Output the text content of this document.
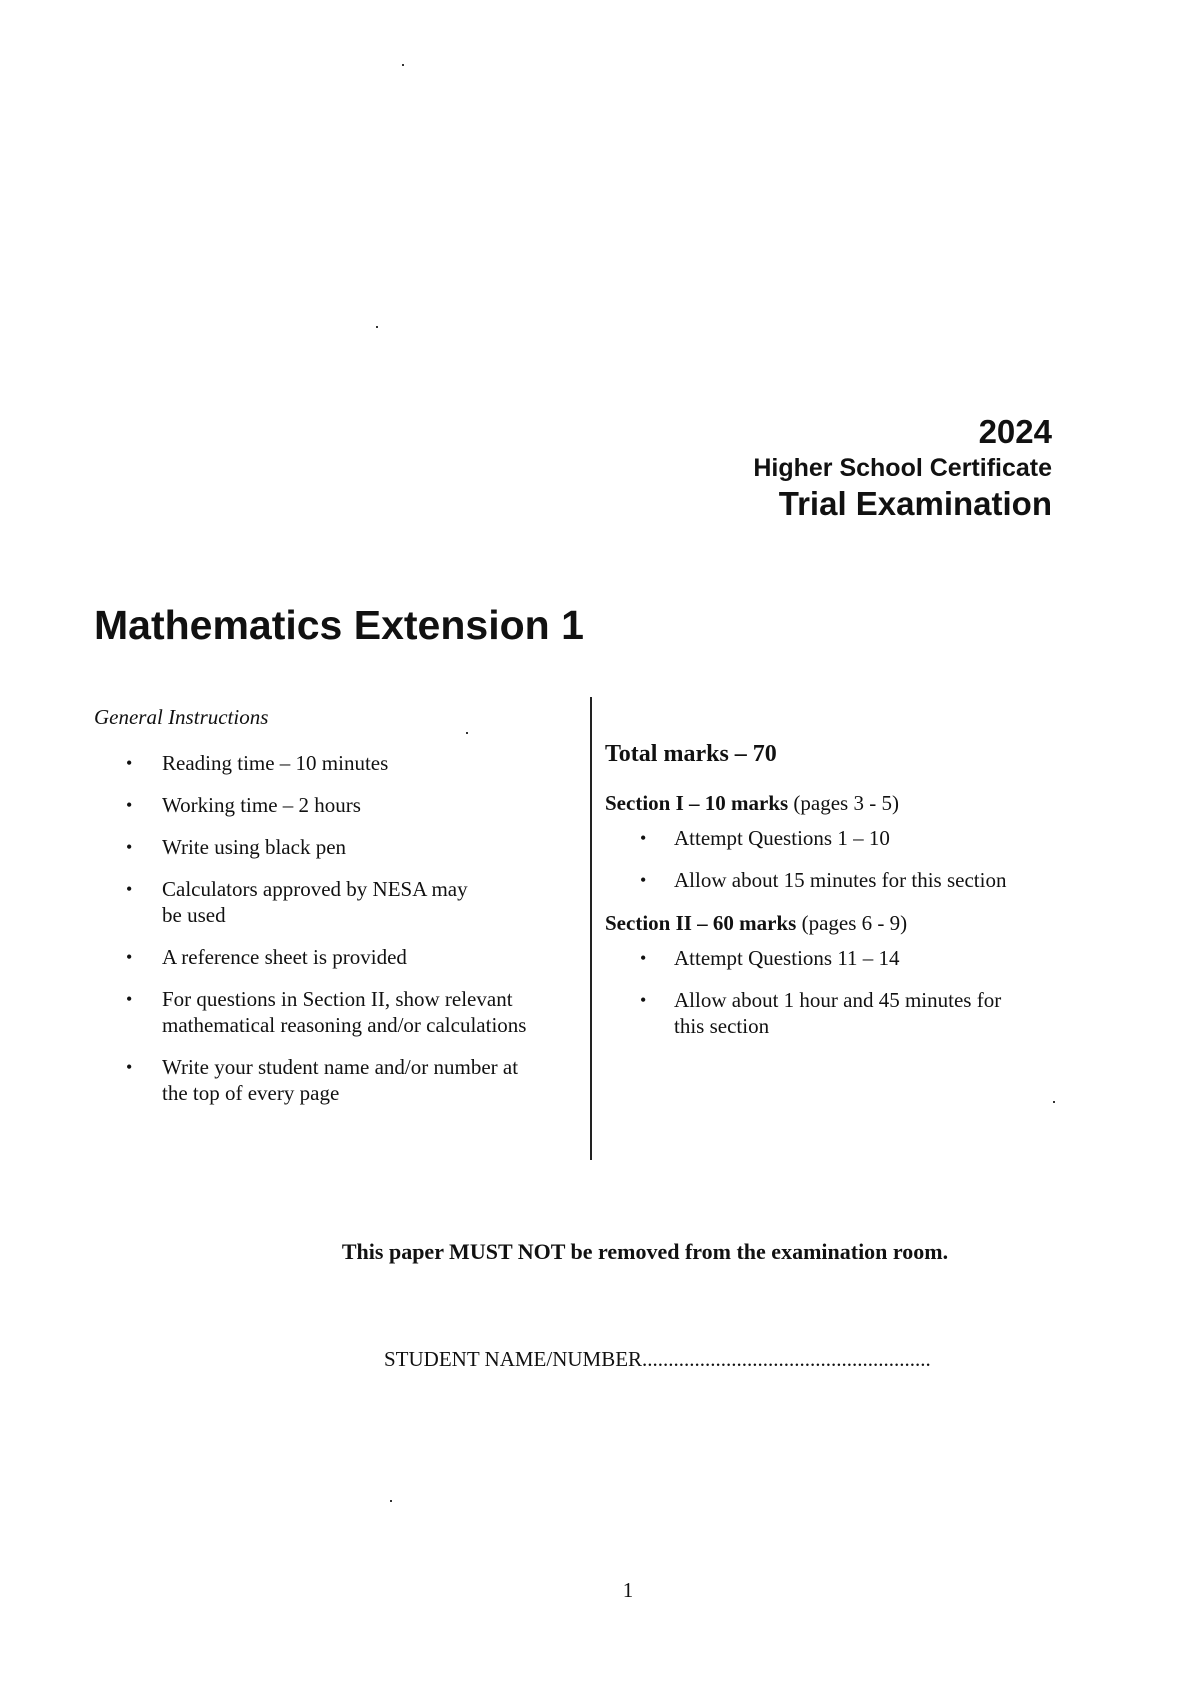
2024
Higher School Certificate
Trial Examination
Mathematics Extension 1
General Instructions
• Reading time – 10 minutes
• Working time – 2 hours
• Write using black pen
• Calculators approved by NESA may be used
• A reference sheet is provided
• For questions in Section II, show relevant mathematical reasoning and/or calculations
• Write your student name and/or number at the top of every page
Total marks – 70
Section I – 10 marks (pages 3 - 5)
• Attempt Questions 1 – 10
• Allow about 15 minutes for this section
Section II – 60 marks (pages 6 - 9)
• Attempt Questions 11 – 14
• Allow about 1 hour and 45 minutes for this section
This paper MUST NOT be removed from the examination room.
STUDENT NAME/NUMBER.......................................................
1
